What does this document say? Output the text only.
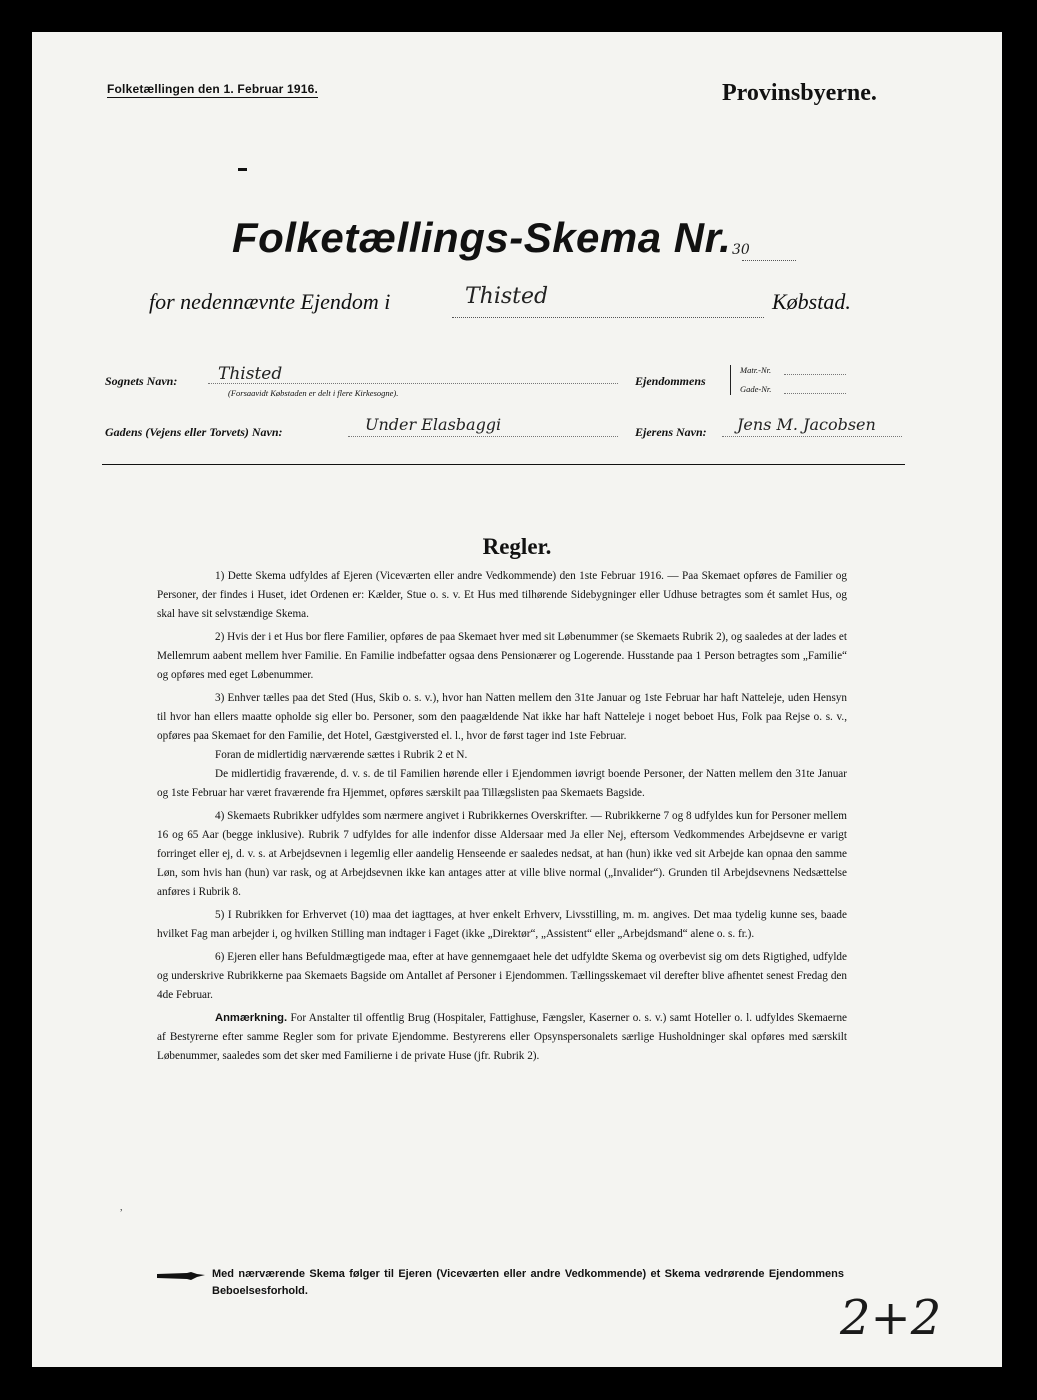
Folketællingen den 1. Februar 1916.	Provinsbyerne.
Folketællings-Skema Nr. 30
for nedennævnte Ejendom i	Thisted	Købstad.
Sognets Navn: Thisted
(Forsaavidt Købstaden er delt i flere Kirkesogne).
Ejendommens
Matr.-Nr.
Gade-Nr.
Gadens (Vejens eller Torvets) Navn:	Under Elasbaggi	Ejerens Navn: Jens M. Jacobsen
Regler.

1) Dette Skema udfyldes af Ejeren (Viceværten eller andre Vedkommende) den 1ste Februar 1916. — Paa Skemaet opføres de Familier og Personer, der findes i Huset, idet Ordenen er: Kælder, Stue o. s. v. Et Hus med tilhørende Sidebygninger eller Udhuse betragtes som ét samlet Hus, og skal have sit selvstændige Skema.

2) Hvis der i et Hus bor flere Familier, opføres de paa Skemaet hver med sit Løbenummer (se Skemaets Rubrik 2), og saaledes at der lades et Mellemrum aabent mellem hver Familie. En Familie indbefatter ogsaa dens Pensionærer og Logerende. Husstande paa 1 Person betragtes som „Familie“ og opføres med eget Løbenummer.

3) Enhver tælles paa det Sted (Hus, Skib o. s. v.), hvor han Natten mellem den 31te Januar og 1ste Februar har haft Natteleje, uden Hensyn til hvor han ellers maatte opholde sig eller bo. Personer, som den paagældende Nat ikke har haft Natteleje i noget beboet Hus, Folk paa Rejse o. s. v., opføres paa Skemaet for den Familie, det Hotel, Gæstgiversted el. l., hvor de først tager ind 1ste Februar.

Foran de midlertidig nærværende sættes i Rubrik 2 et N.

De midlertidig fraværende, d. v. s. de til Familien hørende eller i Ejendommen iøvrigt boende Personer, der Natten mellem den 31te Januar og 1ste Februar har været fraværende fra Hjemmet, opføres særskilt paa Tillægslisten paa Skemaets Bagside.

4) Skemaets Rubrikker udfyldes som nærmere angivet i Rubrikkernes Overskrifter. — Rubrikkerne 7 og 8 udfyldes kun for Personer mellem 16 og 65 Aar (begge inklusive). Rubrik 7 udfyldes for alle indenfor disse Aldersaar med Ja eller Nej, eftersom Vedkommendes Arbejdsevne er varigt forringet eller ej, d. v. s. at Arbejdsevnen i legemlig eller aandelig Henseende er saaledes nedsat, at han (hun) ikke ved sit Arbejde kan opnaa den samme Løn, som hvis han (hun) var rask, og at Arbejdsevnen ikke kan antages atter at ville blive normal („Invalider“). Grunden til Arbejdsevnens Nedsættelse anføres i Rubrik 8.

5) I Rubrikken for Erhvervet (10) maa det iagttages, at hver enkelt Erhverv, Livsstilling, m. m. angives. Det maa tydelig kunne ses, baade hvilket Fag man arbejder i, og hvilken Stilling man indtager i Faget (ikke „Direktør“, „Assistent“ eller „Arbejdsmand“ alene o. s. fr.).

6) Ejeren eller hans Befuldmægtigede maa, efter at have gennemgaaet hele det udfyldte Skema og overbevist sig om dets Rigtighed, udfylde og underskrive Rubrikkerne paa Skemaets Bagside om Antallet af Personer i Ejendommen. Tællingsskemaet vil derefter blive afhentet senest Fredag den 4de Februar.

Anmærkning. For Anstalter til offentlig Brug (Hospitaler, Fattighuse, Fængsler, Kaserner o. s. v.) samt Hoteller o. l. udfyldes Skemaerne af Bestyrerne efter samme Regler som for private Ejendomme. Bestyrerens eller Opsynspersonalets særlige Husholdninger skal opføres med særskilt Løbenummer, saaledes som det sker med Familierne i de private Huse (jfr. Rubrik 2).

,
Med nærværende Skema følger til Ejeren (Viceværten eller andre Vedkommende) et Skema vedrørende Ejendommens Beboelsesforhold.	2+2
